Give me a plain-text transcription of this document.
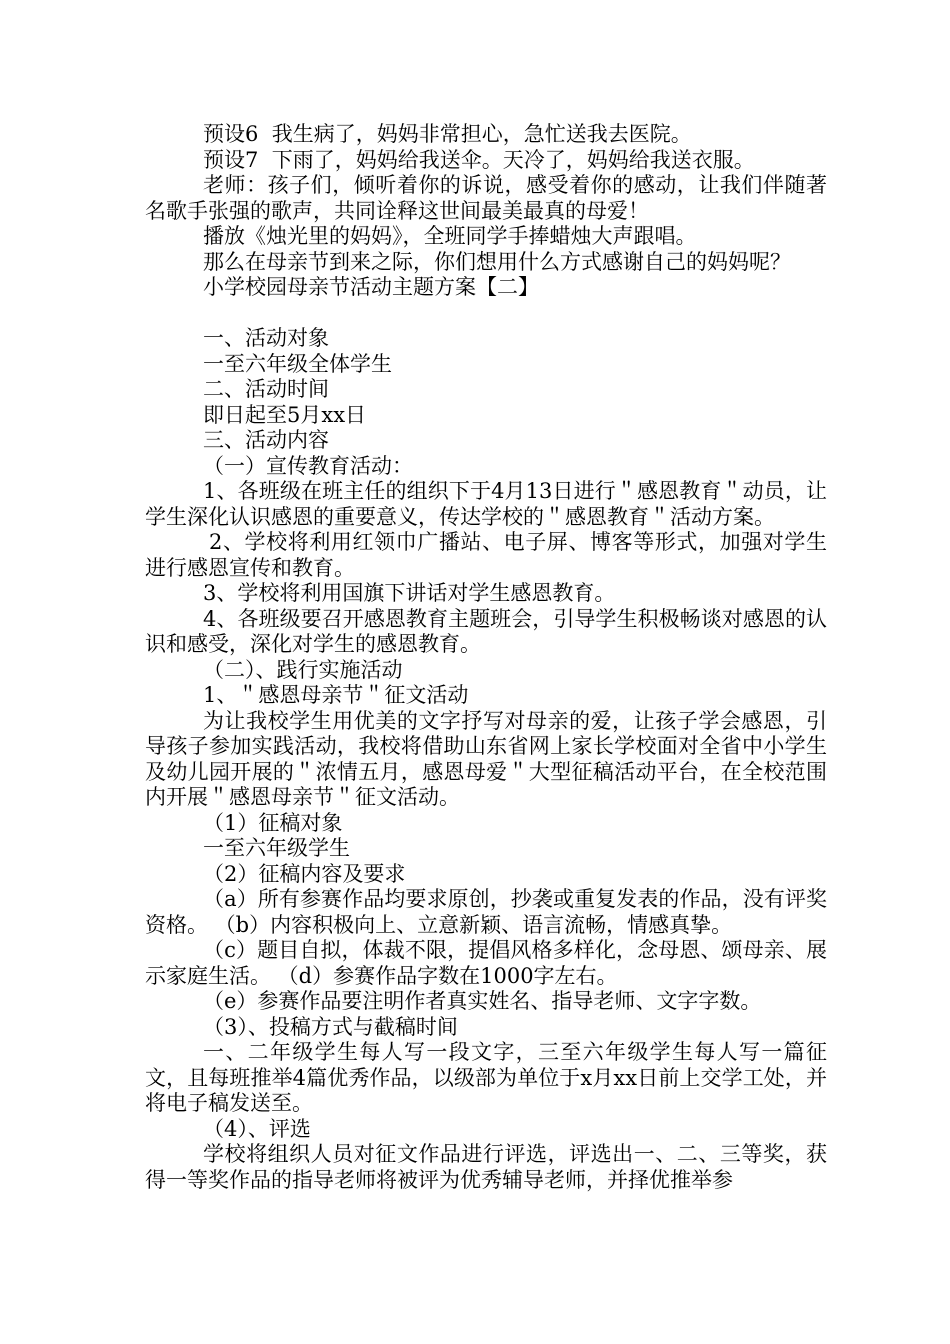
预设6  我生病了，妈妈非常担心，急忙送我去医院。

预设7  下雨了，妈妈给我送伞。天冷了，妈妈给我送衣服。

老师：孩子们，倾听着你的诉说，感受着你的感动，让我们伴随著名歌手张强的歌声，共同诠释这世间最美最真的母爱！

播放《烛光里的妈妈》，全班同学手捧蜡烛大声跟唱。

那么在母亲节到来之际，你们想用什么方式感谢自己的妈妈呢？

小学校园母亲节活动主题方案【二】

一、活动对象

一至六年级全体学生

二、活动时间

即日起至5月xx日

三、活动内容

（一）宣传教育活动：

1、各班级在班主任的组织下于4月13日进行＂感恩教育＂动员，让学生深化认识感恩的重要意义，传达学校的＂感恩教育＂活动方案。

2、学校将利用红领巾广播站、电子屏、博客等形式，加强对学生进行感恩宣传和教育。

3、学校将利用国旗下讲话对学生感恩教育。

4、各班级要召开感恩教育主题班会，引导学生积极畅谈对感恩的认识和感受，深化对学生的感恩教育。

（二）、践行实施活动

1、＂感恩母亲节＂征文活动

为让我校学生用优美的文字抒写对母亲的爱，让孩子学会感恩，引导孩子参加实践活动，我校将借助山东省网上家长学校面对全省中小学生及幼儿园开展的＂浓情五月，感恩母爱＂大型征稿活动平台，在全校范围内开展＂感恩母亲节＂征文活动。

（1）征稿对象

一至六年级学生

（2）征稿内容及要求

（a）所有参赛作品均要求原创，抄袭或重复发表的作品，没有评奖资格。 （b）内容积极向上、立意新颖、语言流畅，情感真挚。

（c）题目自拟，体裁不限，提倡风格多样化，念母恩、颂母亲、展示家庭生活。 （d）参赛作品字数在1000字左右。

（e）参赛作品要注明作者真实姓名、指导老师、文字字数。

（3）、投稿方式与截稿时间

一、二年级学生每人写一段文字，三至六年级学生每人写一篇征文，且每班推举4篇优秀作品，以级部为单位于x月xx日前上交学工处，并将电子稿发送至。

（4）、评选

学校将组织人员对征文作品进行评选，评选出一、二、三等奖，获得一等奖作品的指导老师将被评为优秀辅导老师，并择优推举参
